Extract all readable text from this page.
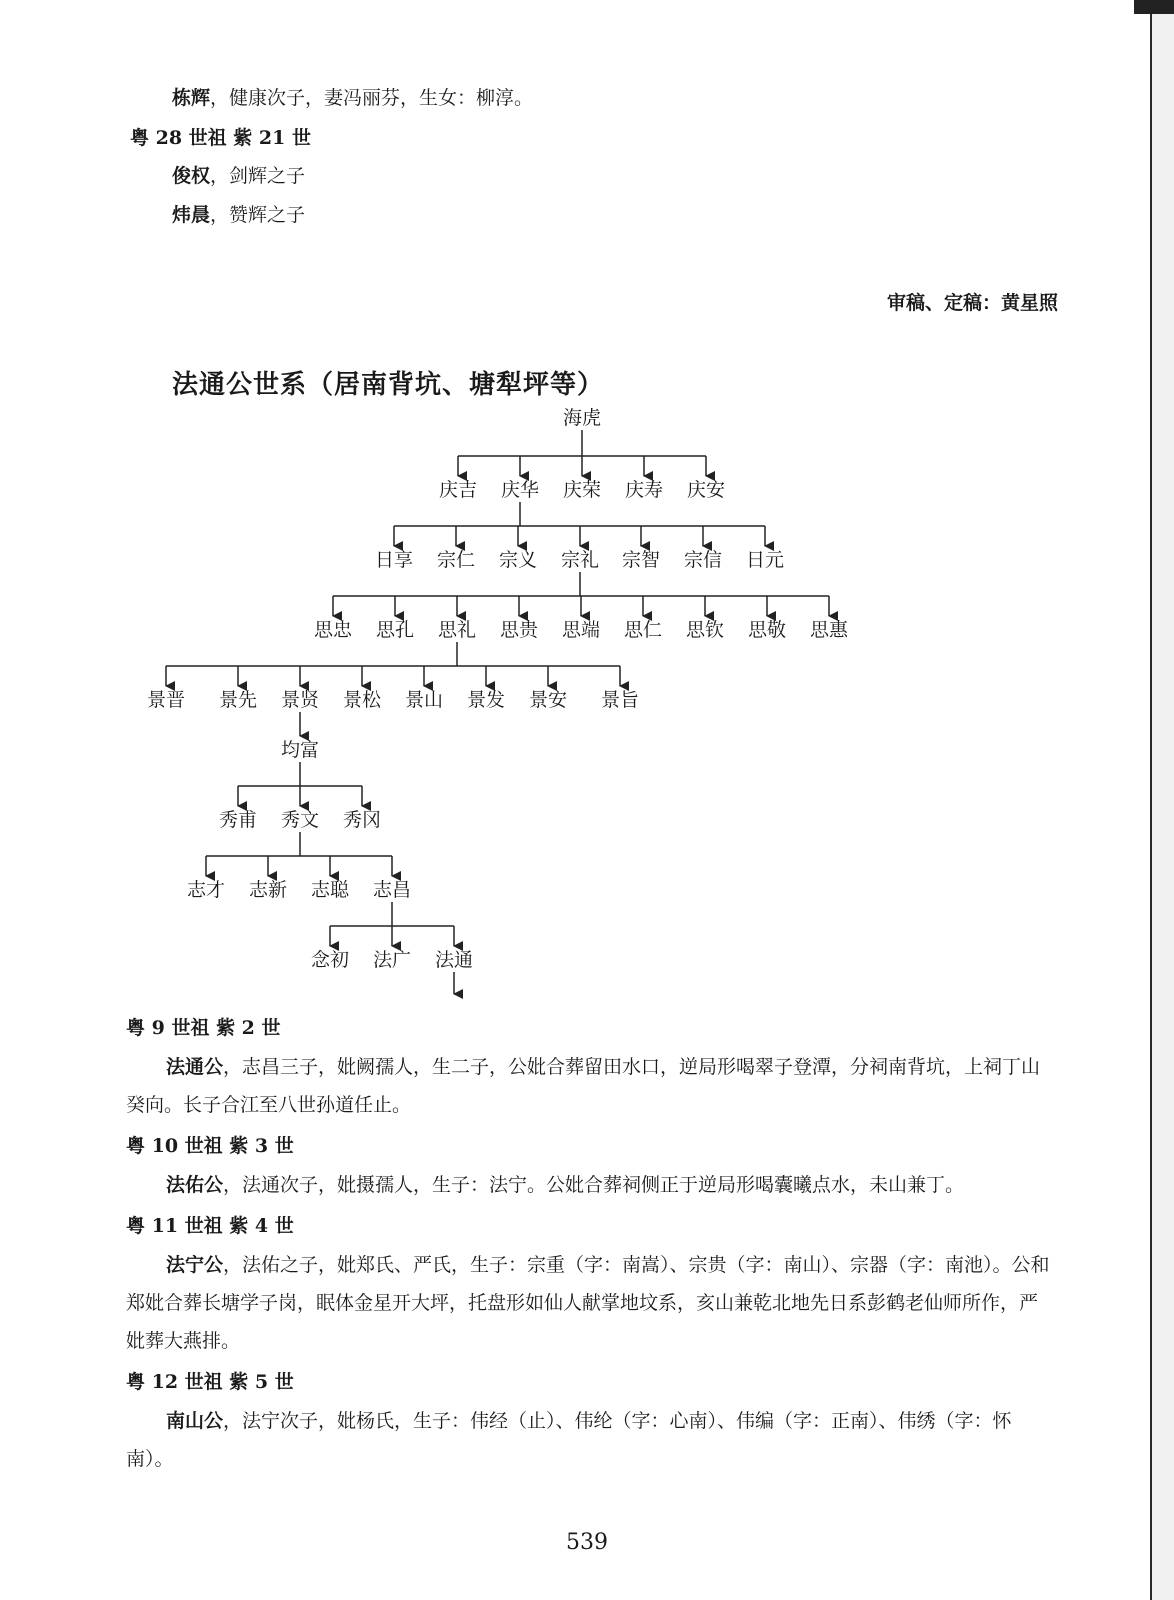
栋辉，健康次子，妻冯丽芬，生女：柳淳。
粤 28 世祖 紫 21 世
俊权，剑辉之子
炜晨，赞辉之子
审稿、定稿：黄星照
法通公世系（居南背坑、塘犁坪等）
海虎
庆吉 庆华 庆荣 庆寿 庆安
日享 宗仁 宗义 宗礼 宗智 宗信 日元
思忠 思孔 思礼 思贵 思端 思仁 思钦 思敬 思惠
景晋 景先 景贤 景松 景山 景发 景安 景旨
均富
秀甫 秀文 秀冈
志才 志新 志聪 志昌
念初 法广 法通
粤 9 世祖 紫 2 世
法通公，志昌三子，妣阙孺人，生二子，公妣合葬留田水口，逆局形喝翠子登潭，分祠南背坑，上祠丁山癸向。长子合江至八世孙道任止。
粤 10 世祖 紫 3 世
法佑公，法通次子，妣摄孺人，生子：法宁。公妣合葬祠侧正于逆局形喝囊曦点水，未山兼丁。
粤 11 世祖 紫 4 世
法宁公，法佑之子，妣郑氏、严氏，生子：宗重（字：南嵩）、宗贵（字：南山）、宗器（字：南池）。公和郑妣合葬长塘学子岗，眠体金星开大坪，托盘形如仙人献掌地坟系，亥山兼乾北地先日系彭鹤老仙师所作，严妣葬大燕排。
粤 12 世祖 紫 5 世
南山公，法宁次子，妣杨氏，生子：伟经（止）、伟纶（字：心南）、伟编（字：正南）、伟绣（字：怀南）。
539
